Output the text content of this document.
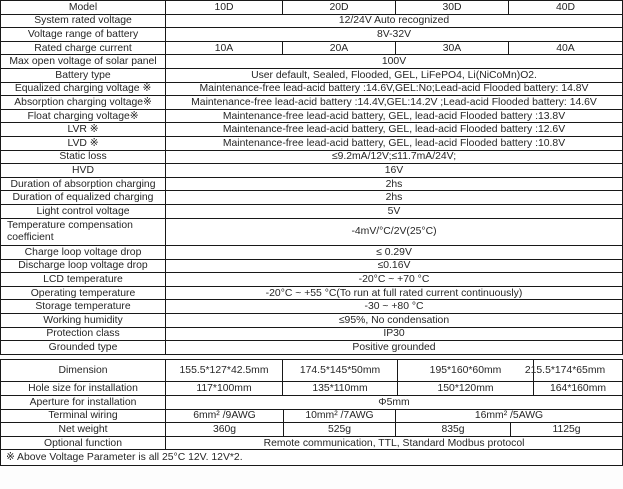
Model	10D	20D	30D	40D
System rated voltage	12/24V Auto recognized
Voltage range of battery	8V-32V
Rated charge current	10A	20A	30A	40A
Max open voltage of solar panel	100V
Battery type	User default, Sealed, Flooded, GEL, LiFePO4, Li(NiCoMn)O2.
Equalized charging voltage ※	Maintenance-free lead-acid battery :14.6V,GEL:No;Lead-acid Flooded battery: 14.8V
Absorption charging voltage※	Maintenance-free lead-acid battery :14.4V,GEL:14.2V ;Lead-acid Flooded battery: 14.6V
Float charging voltage※	Maintenance-free lead-acid battery, GEL, lead-acid Flooded battery :13.8V
LVR ※	Maintenance-free lead-acid battery, GEL, lead-acid Flooded battery :12.6V
LVD ※	Maintenance-free lead-acid battery, GEL, lead-acid Flooded battery :10.8V
Static loss	≤9.2mA/12V;≤11.7mA/24V;
HVD	16V
Duration of absorption charging	2hs
Duration of equalized charging	2hs
Light control voltage	5V
Temperature compensation coefficient	-4mV/°C/2V(25°C)
Charge loop voltage drop	≤ 0.29V
Discharge loop voltage drop	≤0.16V
LCD temperature	-20°C ~ +70 °C
Operating temperature	-20°C ~ +55 °C(To run at full rated current continuously)
Storage temperature	-30 ~ +80 °C
Working humidity	≤95%, No condensation
Protection class	IP30
Grounded type	Positive grounded
Dimension	155.5*127*42.5mm	174.5*145*50mm	195*160*60mm	215.5*174*65mm
Hole size for installation	117*100mm	135*110mm	150*120mm	164*160mm
Aperture for installation	Φ5mm
Terminal wiring	6mm² /9AWG	10mm² /7AWG	16mm² /5AWG
Net weight	360g	525g	835g	1125g
Optional function	Remote communication, TTL, Standard Modbus protocol
※ Above Voltage Parameter is all 25°C 12V. 12V*2.
